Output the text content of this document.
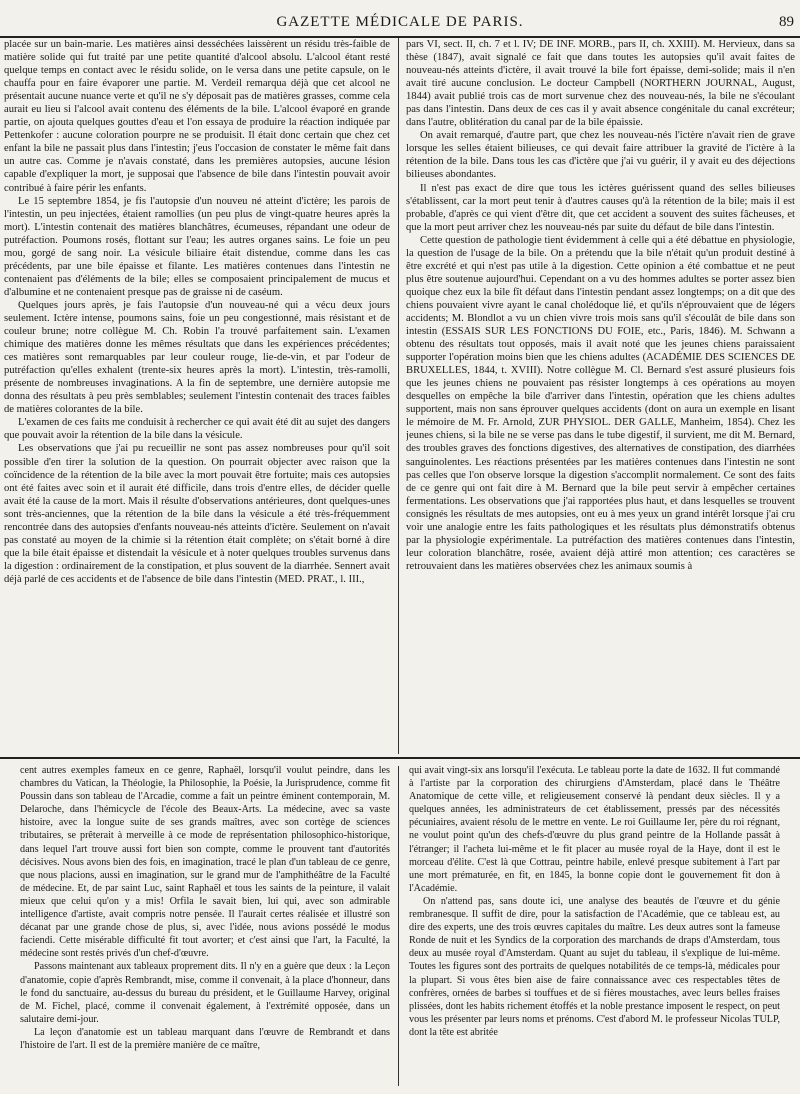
GAZETTE MÉDICALE DE PARIS.	89

placée sur un bain-marie. Les matières ainsi desséchées laissèrent un résidu très-faible de matière solide qui fut traité par une petite quantité d'alcool absolu. L'alcool étant resté quelque temps en contact avec le résidu solide, on le versa dans une petite capsule, on le chauffa pour en faire évaporer une partie. M. Verdeil remarqua déjà que cet alcool ne présentait aucune nuance verte et qu'il ne s'y déposait pas de matières grasses, comme cela aurait eu lieu si l'alcool avait contenu des éléments de la bile. L'alcool évaporé en grande partie, on ajouta quelques gouttes d'eau et l'on essaya de produire la réaction indiquée par Pettenkofer : aucune coloration pourpre ne se produisit. Il était donc certain que chez cet enfant la bile ne passait plus dans l'intestin; j'eus l'occasion de constater le même fait dans un autre cas. Comme je n'avais constaté, dans les premières autopsies, aucune lésion capable d'expliquer la mort, je supposai que l'absence de bile dans l'intestin pouvait avoir contribué à faire périr les enfants.

Le 15 septembre 1854, je fis l'autopsie d'un nouveu né atteint d'ictère; les parois de l'intestin, un peu injectées, étaient ramollies (un peu plus de vingt-quatre heures après la mort). L'intestin contenait des matières blanchâtres, écumeuses, répandant une odeur de putréfaction. Poumons rosés, flottant sur l'eau; les autres organes sains. Le foie un peu mou, gorgé de sang noir. La vésicule biliaire était distendue, comme dans les cas précédents, par une bile épaisse et filante. Les matières contenues dans l'intestin ne contenaient pas d'éléments de la bile; elles se composaient principalement de mucus et d'albumine et ne contenaient presque pas de graisse ni de caséum.

Quelques jours après, je fais l'autopsie d'un nouveau-né qui a vécu deux jours seulement. Ictère intense, poumons sains, foie un peu congestionné, mais résistant et de couleur brune; notre collègue M. Ch. Robin l'a trouvé parfaitement sain. L'examen chimique des matières donne les mêmes résultats que dans les expériences précédentes; ces matières sont remarquables par leur couleur rouge, lie-de-vin, et par l'odeur de putréfaction qu'elles exhalent (trente-six heures après la mort). L'intestin, très-ramolli, présente de nombreuses invaginations. A la fin de septembre, une dernière autopsie me donna des résultats à peu près semblables; seulement l'intestin contenait des traces faibles de matières colorantes de la bile.

L'examen de ces faits me conduisit à rechercher ce qui avait été dit au sujet des dangers que pouvait avoir la rétention de la bile dans la vésicule.

Les observations que j'ai pu recueillir ne sont pas assez nombreuses pour qu'il soit possible d'en tirer la solution de la question. On pourrait objecter avec raison que la coïncidence de la rétention de la bile avec la mort pouvait être fortuite; mais ces autopsies ont été faites avec soin et il aurait été difficile, dans trois d'entre elles, de décider quelle avait été la cause de la mort. Mais il résulte d'observations antérieures, dont quelques-unes sont très-anciennes, que la rétention de la bile dans la vésicule a été très-fréquemment rencontrée dans des autopsies d'enfants nouveau-nés atteints d'ictère. Seulement on n'avait pas constaté au moyen de la chimie si la rétention était complète; on s'était borné à dire que la bile était épaisse et distendait la vésicule et à noter quelques troubles survenus dans la digestion : ordinairement de la constipation, et plus souvent de la diarrhée. Sennert avait déjà parlé de ces accidents et de l'absence de bile dans l'intestin (MED. PRAT., l. III.,

pars VI, sect. II, ch. 7 et l. IV; DE INF. MORB., pars II, ch. XXIII). M. Hervieux, dans sa thèse (1847), avait signalé ce fait que dans toutes les autopsies qu'il avait faites de nouveau-nés atteints d'ictère, il avait trouvé la bile fort épaisse, demi-solide; mais il n'en avait tiré aucune conclusion. Le docteur Campbell (NORTHERN JOURNAL, August, 1844) avait publié trois cas de mort survenue chez des nouveau-nés, la bile ne s'écoulant pas dans l'intestin. Dans deux de ces cas il y avait absence congénitale du canal excréteur; dans l'autre, oblitération du canal par de la bile épaissie.

On avait remarqué, d'autre part, que chez les nouveau-nés l'ictère n'avait rien de grave lorsque les selles étaient bilieuses, ce qui devait faire attribuer la gravité de l'ictère à la rétention de la bile. Dans tous les cas d'ictère que j'ai vu guérir, il y avait eu des déjections bilieuses abondantes.

Il n'est pas exact de dire que tous les ictères guérissent quand des selles bilieuses s'établissent, car la mort peut tenir à d'autres causes qu'à la rétention de la bile; mais il est probable, d'après ce qui vient d'être dit, que cet accident a souvent des suites fâcheuses, et que la mort peut arriver chez les nouveau-nés par suite du défaut de bile dans l'intestin.

Cette question de pathologie tient évidemment à celle qui a été débattue en physiologie, la question de l'usage de la bile. On a prétendu que la bile n'était qu'un produit destiné à être excrété et qui n'est pas utile à la digestion. Cette opinion a été combattue et ne peut plus être soutenue aujourd'hui. Cependant on a vu des hommes adultes se porter assez bien quoique chez eux la bile fît défaut dans l'intestin pendant assez longtemps; on a dit que des chiens pouvaient vivre ayant le canal cholédoque lié, et qu'ils n'éprouvaient que de légers accidents; M. Blondlot a vu un chien vivre trois mois sans qu'il s'écoulât de bile dans son intestin (ESSAIS SUR LES FONCTIONS DU FOIE, etc., Paris, 1846). M. Schwann a obtenu des résultats tout opposés, mais il avait noté que les jeunes chiens paraissaient supporter l'opération moins bien que les chiens adultes (ACADÉMIE DES SCIENCES DE BRUXELLES, 1844, t. XVIII). Notre collègue M. Cl. Bernard s'est assuré plusieurs fois que les jeunes chiens ne pouvaient pas résister longtemps à ces opérations au moyen desquelles on empêche la bile d'arriver dans l'intestin, opération que les chiens adultes supportent, mais non sans éprouver quelques accidents (dont on aura un exemple en lisant le mémoire de M. Fr. Arnold, ZUR PHYSIOL. DER GALLE, Manheim, 1854). Chez les jeunes chiens, si la bile ne se verse pas dans le tube digestif, il survient, me dit M. Bernard, des troubles graves des fonctions digestives, des alternatives de constipation, des diarrhées sanguinolentes. Les réactions présentées par les matières contenues dans l'intestin ne sont pas celles que l'on observe lorsque la digestion s'accomplit normalement. Ce sont des faits de ce genre qui ont fait dire à M. Bernard que la bile peut servir à empêcher certaines fermentations. Les observations que j'ai rapportées plus haut, et dans lesquelles se trouvent consignés les résultats de mes autopsies, ont eu à mes yeux un grand intérêt lorsque j'ai cru voir une analogie entre les faits pathologiques et les résultats plus démonstratifs obtenus par la physiologie expérimentale. La putréfaction des matières contenues dans l'intestin, leur coloration blanchâtre, rosée, avaient déjà attiré mon attention; ces caractères se retrouvaient dans les matières observées chez les animaux soumis à

cent autres exemples fameux en ce genre, Raphaël, lorsqu'il voulut peindre, dans les chambres du Vatican, la Théologie, la Philosophie, la Poésie, la Jurisprudence, comme fit Poussin dans son tableau de l'Arcadie, comme a fait un peintre éminent contemporain, M. Delaroche, dans l'hémicycle de l'école des Beaux-Arts. La médecine, avec sa vaste histoire, avec la longue suite de ses grands maîtres, avec son cortège de sciences tributaires, se prêterait à merveille à ce mode de représentation philosophico-historique, dans lequel l'art trouve aussi fort bien son compte, comme le prouvent tant d'autorités décisives. Nous avons bien des fois, en imagination, tracé le plan d'un tableau de ce genre, que nous placions, aussi en imagination, sur le grand mur de l'amphithéâtre de la Faculté de médecine. Et, de par saint Luc, saint Raphaël et tous les saints de la peinture, il valait mieux que celui qu'on y a mis! Orfila le savait bien, lui qui, avec son admirable intelligence d'artiste, avait compris notre pensée. Il l'aurait certes réalisée et illustré son décanat par une grande chose de plus, si, avec l'idée, nous avions possédé le modus faciendi. Cette misérable difficulté fit tout avorter; et c'est ainsi que l'art, la Faculté, la médecine sont restés privés d'un chef-d'œuvre.

Passons maintenant aux tableaux proprement dits. Il n'y en a guère que deux : la Leçon d'anatomie, copie d'après Rembrandt, mise, comme il convenait, à la place d'honneur, dans le fond du sanctuaire, au-dessus du bureau du président, et le Guillaume Harvey, original de M. Fichel, placé, comme il convenait également, à l'extrémité opposée, dans un salutaire demi-jour.

La leçon d'anatomie est un tableau marquant dans l'œuvre de Rembrandt et dans l'histoire de l'art. Il est de la première manière de ce maître,

qui avait vingt-six ans lorsqu'il l'exécuta. Le tableau porte la date de 1632. Il fut commandé à l'artiste par la corporation des chirurgiens d'Amsterdam, placé dans le Théâtre Anatomique de cette ville, et religieusement conservé là pendant deux siècles. Il y a quelques années, les administrateurs de cet établissement, pressés par des nécessités pécuniaires, avaient résolu de le mettre en vente. Le roi Guillaume Ier, père du roi régnant, ne voulut point qu'un des chefs-d'œuvre du plus grand peintre de la Hollande passât à l'étranger; il l'acheta lui-même et le fit placer au musée royal de la Haye, dont il est le morceau d'élite. C'est là que Cottrau, peintre habile, enlevé presque subitement à l'art par une mort prématurée, en fit, en 1845, la bonne copie dont le gouvernement fit don à l'Académie.

On n'attend pas, sans doute ici, une analyse des beautés de l'œuvre et du génie rembranesque. Il suffit de dire, pour la satisfaction de l'Académie, que ce tableau est, au dire des experts, une des trois œuvres capitales du maître. Les deux autres sont la fameuse Ronde de nuit et les Syndics de la corporation des marchands de draps d'Amsterdam, tous deux au musée royal d'Amsterdam. Quant au sujet du tableau, il s'explique de lui-même. Toutes les figures sont des portraits de quelques notabilités de ce temps-là, médicales pour la plupart. Si vous êtes bien aise de faire connaissance avec ces respectables têtes de confrères, ornées de barbes si touffues et de si fières moustaches, avec leurs belles fraises plissées, dont les habits richement étoffés et la noble prestance imposent le respect, on peut vous les présenter par leurs noms et prénoms. C'est d'abord M. le professeur Nicolas TULP, dont la tête est abritée
